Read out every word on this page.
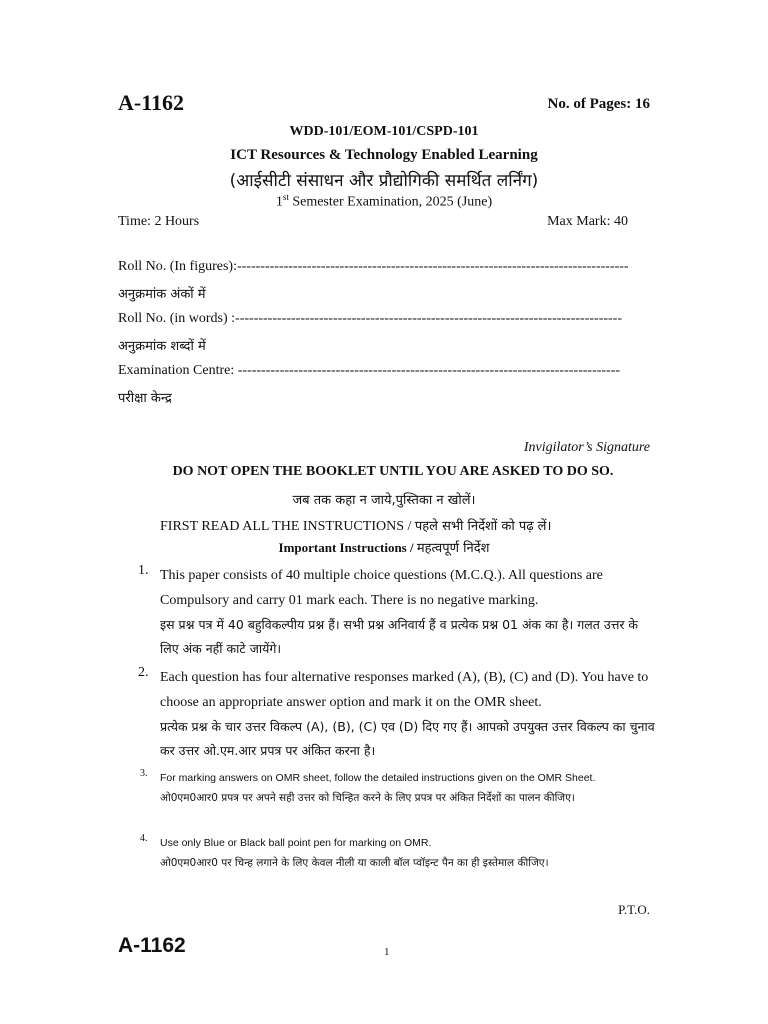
A-1162	No. of Pages: 16
WDD-101/EOM-101/CSPD-101
ICT Resources & Technology Enabled Learning
(आईसीटी संसाधन और प्रौद्योगिकी समर्थित लर्निंग)
1st Semester Examination, 2025 (June)
Time: 2 Hours	Max Mark: 40
Roll No. (In figures):------------------------------------------------------------------------------------
अनुक्रमांक अंकों में
Roll No. (in words) :-----------------------------------------------------------------------------------
अनुक्रमांक शब्दों में
Examination Centre: ----------------------------------------------------------------------------------
परीक्षा केन्द्र
Invigilator’s Signature
DO NOT OPEN THE BOOKLET UNTIL YOU ARE ASKED TO DO SO.
जब तक कहा न जाये,पुस्तिका न खोलें।
FIRST READ ALL THE INSTRUCTIONS / पहले सभी निर्देशों को पढ़ लें।
Important Instructions / महत्वपूर्ण निर्देश
1. This paper consists of 40 multiple choice questions (M.C.Q.). All questions are Compulsory and carry 01 mark each. There is no negative marking.
इस प्रश्न पत्र में 40 बहुविकल्पीय प्रश्न हैं। सभी प्रश्न अनिवार्य हैं व प्रत्येक प्रश्न 01 अंक का है। गलत उत्तर के लिए अंक नहीं काटे जायेंगे।
2. Each question has four alternative responses marked (A), (B), (C) and (D). You have to choose an appropriate answer option and mark it on the OMR sheet.
प्रत्येक प्रश्न के चार उत्तर विकल्प (A), (B), (C) एव (D) दिए गए हैं। आपको उपयुक्त उत्तर विकल्प का चुनाव कर उत्तर ओ.एम.आर प्रपत्र पर अंकित करना है।
3. For marking answers on OMR sheet, follow the detailed instructions given on the OMR Sheet.
ओ0एम0आर0 प्रपत्र पर अपने सही उत्तर को चिन्हित करने के लिए प्रपत्र पर अंकित निर्देशों का पालन कीजिए।
4. Use only Blue or Black ball point pen for marking on OMR.
ओ0एम0आर0 पर चिन्ह लगाने के लिए केवल नीली या काली बॉल प्वॉइन्ट पैन का ही इस्तेमाल कीजिए।
P.T.O.
A-1162	1
